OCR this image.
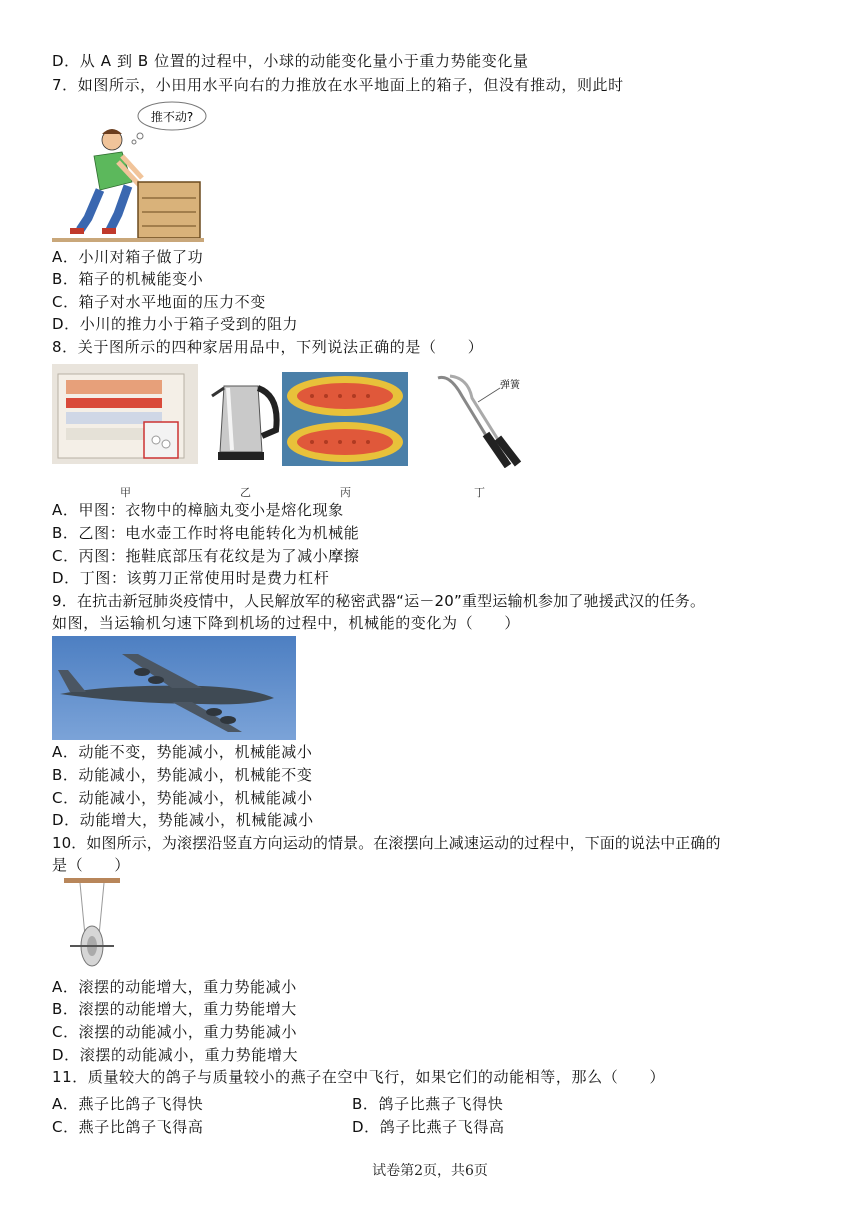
D．从 A 到 B 位置的过程中，小球的动能变化量小于重力势能变化量
7．如图所示，小田用水平向右的力推放在水平地面上的箱子，但没有推动，则此时
推不动?
A．小川对箱子做了功
B．箱子的机械能变小
C．箱子对水平地面的压力不变
D．小川的推力小于箱子受到的阻力
8．关于图所示的四种家居用品中，下列说法正确的是（　　）
弹簧
甲	乙	丙	丁
A．甲图：衣物中的樟脑丸变小是熔化现象
B．乙图：电水壶工作时将电能转化为机械能
C．丙图：拖鞋底部压有花纹是为了减小摩擦
D．丁图：该剪刀正常使用时是费力杠杆
9．在抗击新冠肺炎疫情中，人民解放军的秘密武器“运－20”重型运输机参加了驰援武汉的任务。
如图，当运输机匀速下降到机场的过程中，机械能的变化为（　　）
A．动能不变，势能减小，机械能减小
B．动能减小，势能减小，机械能不变
C．动能减小，势能减小，机械能减小
D．动能增大，势能减小，机械能减小
10．如图所示，为滚摆沿竖直方向运动的情景。在滚摆向上减速运动的过程中，下面的说法中正确的
是（　　）
A．滚摆的动能增大，重力势能减小
B．滚摆的动能增大，重力势能增大
C．滚摆的动能减小，重力势能减小
D．滚摆的动能减小，重力势能增大
11．质量较大的鸽子与质量较小的燕子在空中飞行，如果它们的动能相等，那么（　　）
A．燕子比鸽子飞得快	B．鸽子比燕子飞得快
C．燕子比鸽子飞得高	D．鸽子比燕子飞得高
试卷第2页，共6页
